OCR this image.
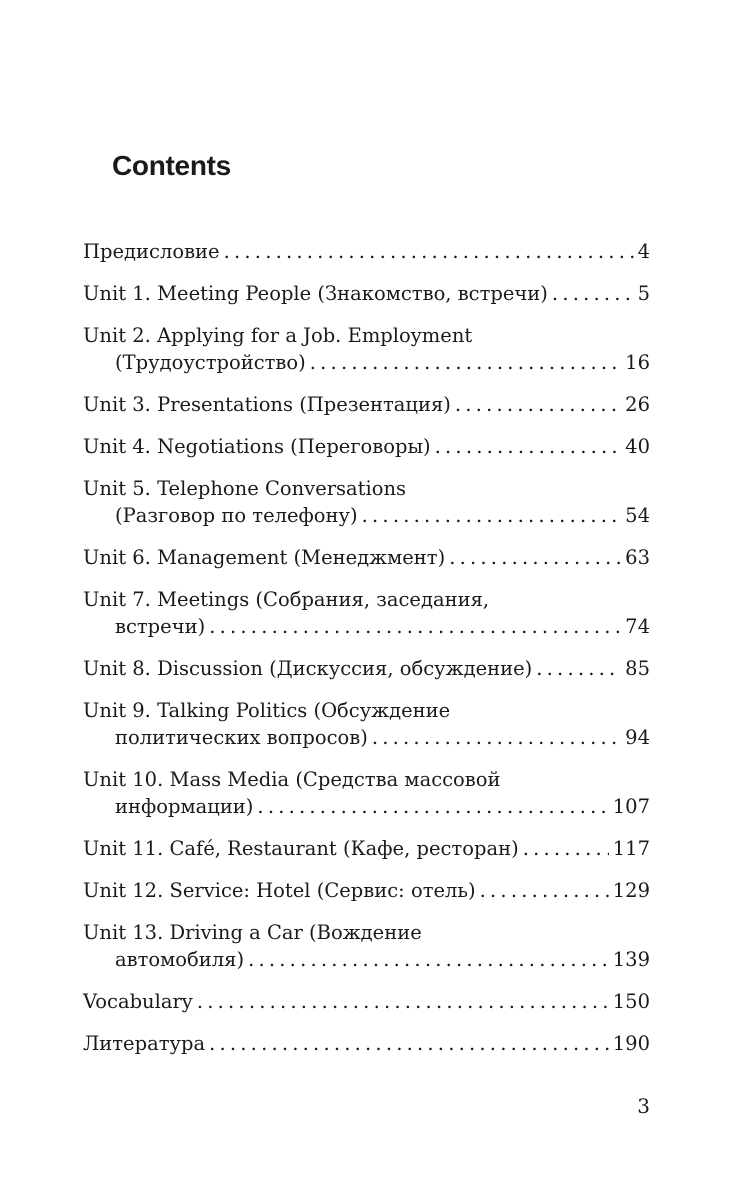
Contents
Предисловие . . .	4
Unit 1. Meeting People (Знакомство, встречи) . . .	5
Unit 2. Applying for a Job. Employment
(Трудоустройство) . . .	16
Unit 3. Presentations (Презентация) . . .	26
Unit 4. Negotiations (Переговоры) . . .	40
Unit 5. Telephone Conversations
(Разговор по телефону) . . .	54
Unit 6. Management (Менеджмент) . . .	63
Unit 7. Meetings (Собрания, заседания,
встречи) . . .	74
Unit 8. Discussion (Дискуссия, обсуждение) . . .	85
Unit 9. Talking Politics (Обсуждение
политических вопросов) . . .	94
Unit 10. Mass Media (Средства массовой
информации) . . .	107
Unit 11. Café, Restaurant (Кафе, ресторан) . . .	117
Unit 12. Service: Hotel (Сервис: отель) . . .	129
Unit 13. Driving a Car (Вождение
автомобиля) . . .	139
Vocabulary . . .	150
Литература . . .	190
3
